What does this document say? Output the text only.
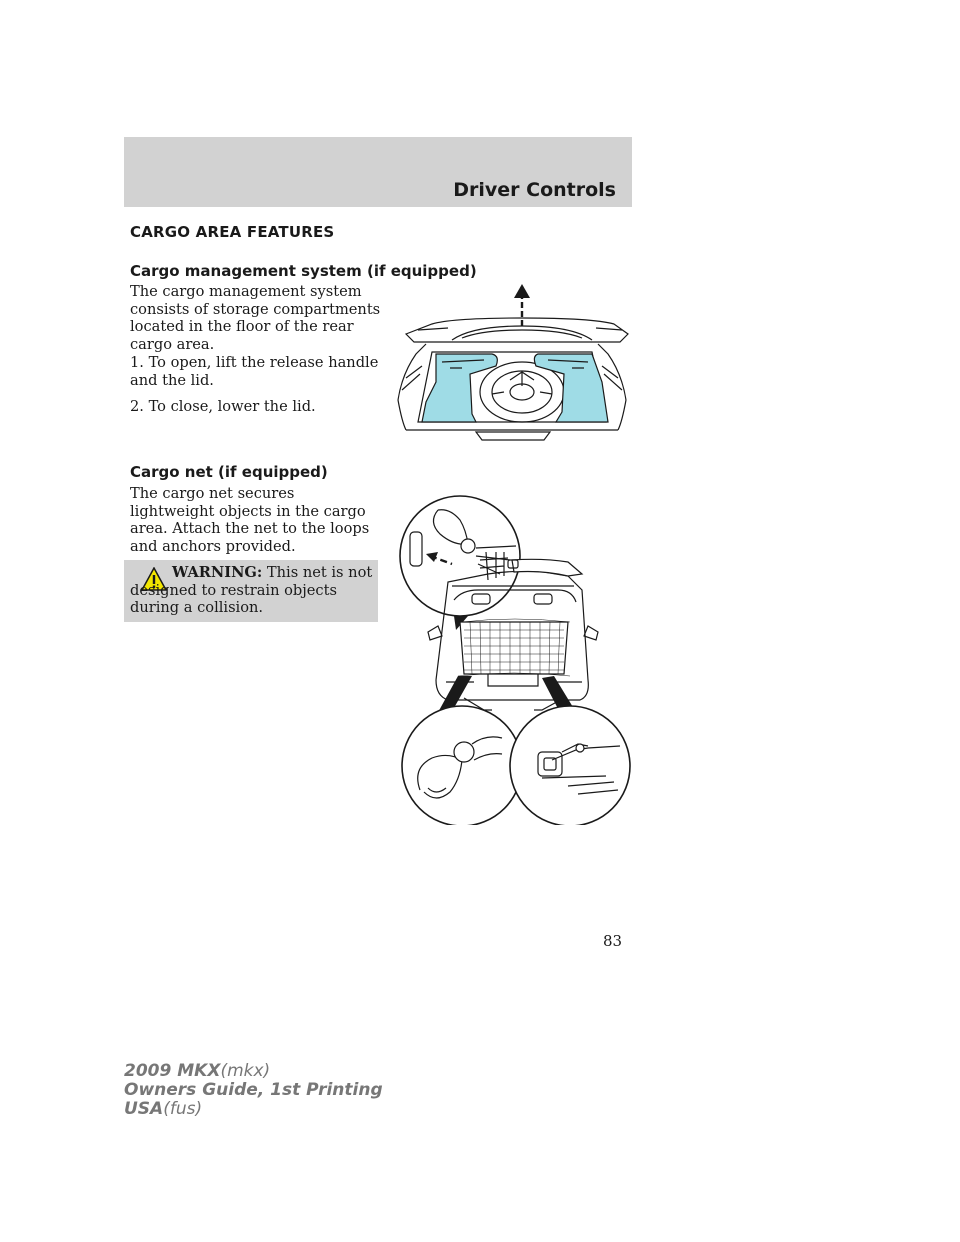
Driver Controls
CARGO AREA FEATURES
Cargo management system (if equipped)

The cargo management system consists of storage compartments located in the floor of the rear cargo area.

1. To open, lift the release handle and the lid.

2. To close, lower the lid.

Cargo net (if equipped)

The cargo net secures lightweight objects in the cargo area. Attach the net to the loops and anchors provided.

WARNING: This net is not designed to restrain objects during a collision.

83
2009 MKX(mkx)
Owners Guide, 1st Printing
USA(fus)
